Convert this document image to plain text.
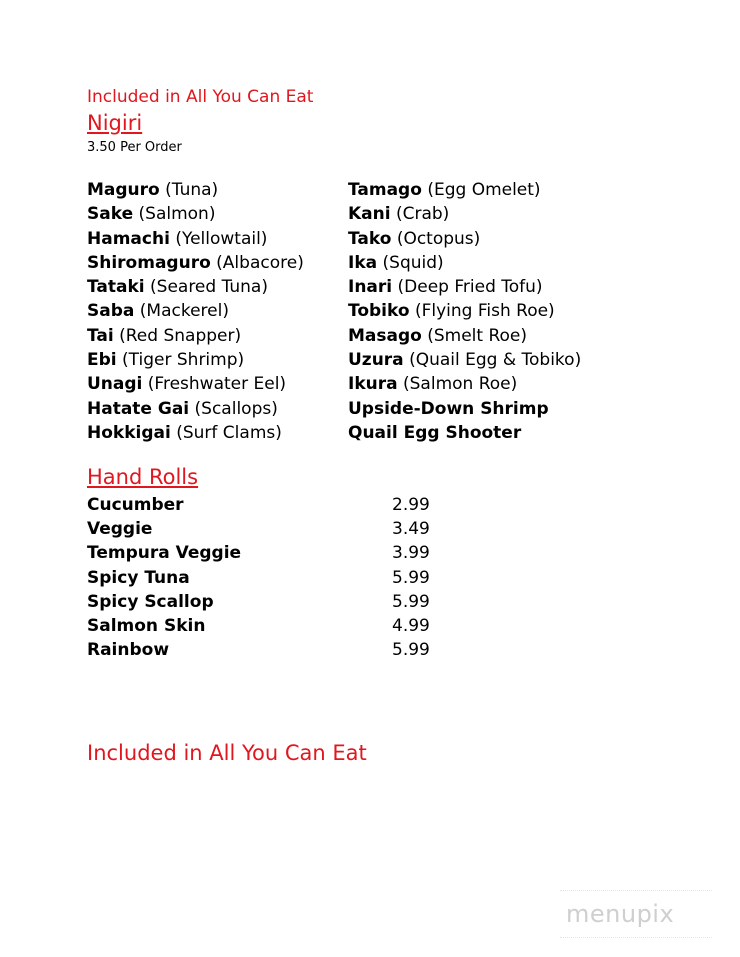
Included in All You Can Eat
Nigiri
3.50 Per Order
Maguro (Tuna)
Sake (Salmon)
Hamachi (Yellowtail)
Shiromaguro (Albacore)
Tataki (Seared Tuna)
Saba (Mackerel)
Tai (Red Snapper)
Ebi (Tiger Shrimp)
Unagi (Freshwater Eel)
Hatate Gai (Scallops)
Hokkigai (Surf Clams)
Tamago (Egg Omelet)
Kani (Crab)
Tako (Octopus)
Ika (Squid)
Inari (Deep Fried Tofu)
Tobiko (Flying Fish Roe)
Masago (Smelt Roe)
Uzura (Quail Egg & Tobiko)
Ikura (Salmon Roe)
Upside-Down Shrimp
Quail Egg Shooter
Hand Rolls
Cucumber	2.99
Veggie	3.49
Tempura Veggie	3.99
Spicy Tuna	5.99
Spicy Scallop	5.99
Salmon Skin	4.99
Rainbow	5.99
Included in All You Can Eat
menupix
